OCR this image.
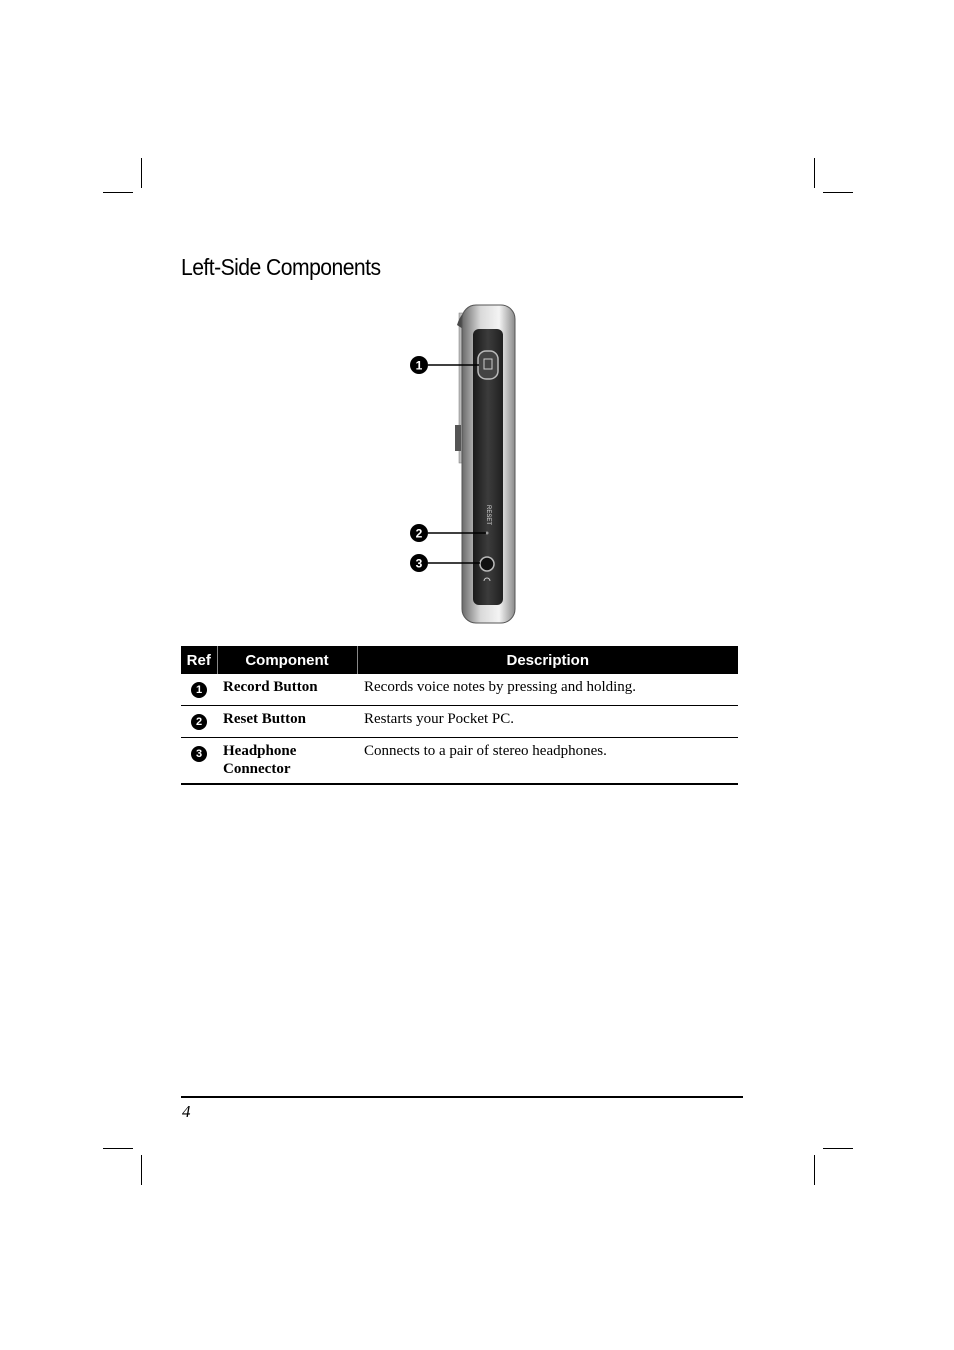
Left-Side Components
RESET
1
2
3
Ref	Component	Description
1	Record Button	Records voice notes by pressing and holding.
2	Reset Button	Restarts your Pocket PC.
3	Headphone Connector	Connects to a pair of stereo headphones.
4
